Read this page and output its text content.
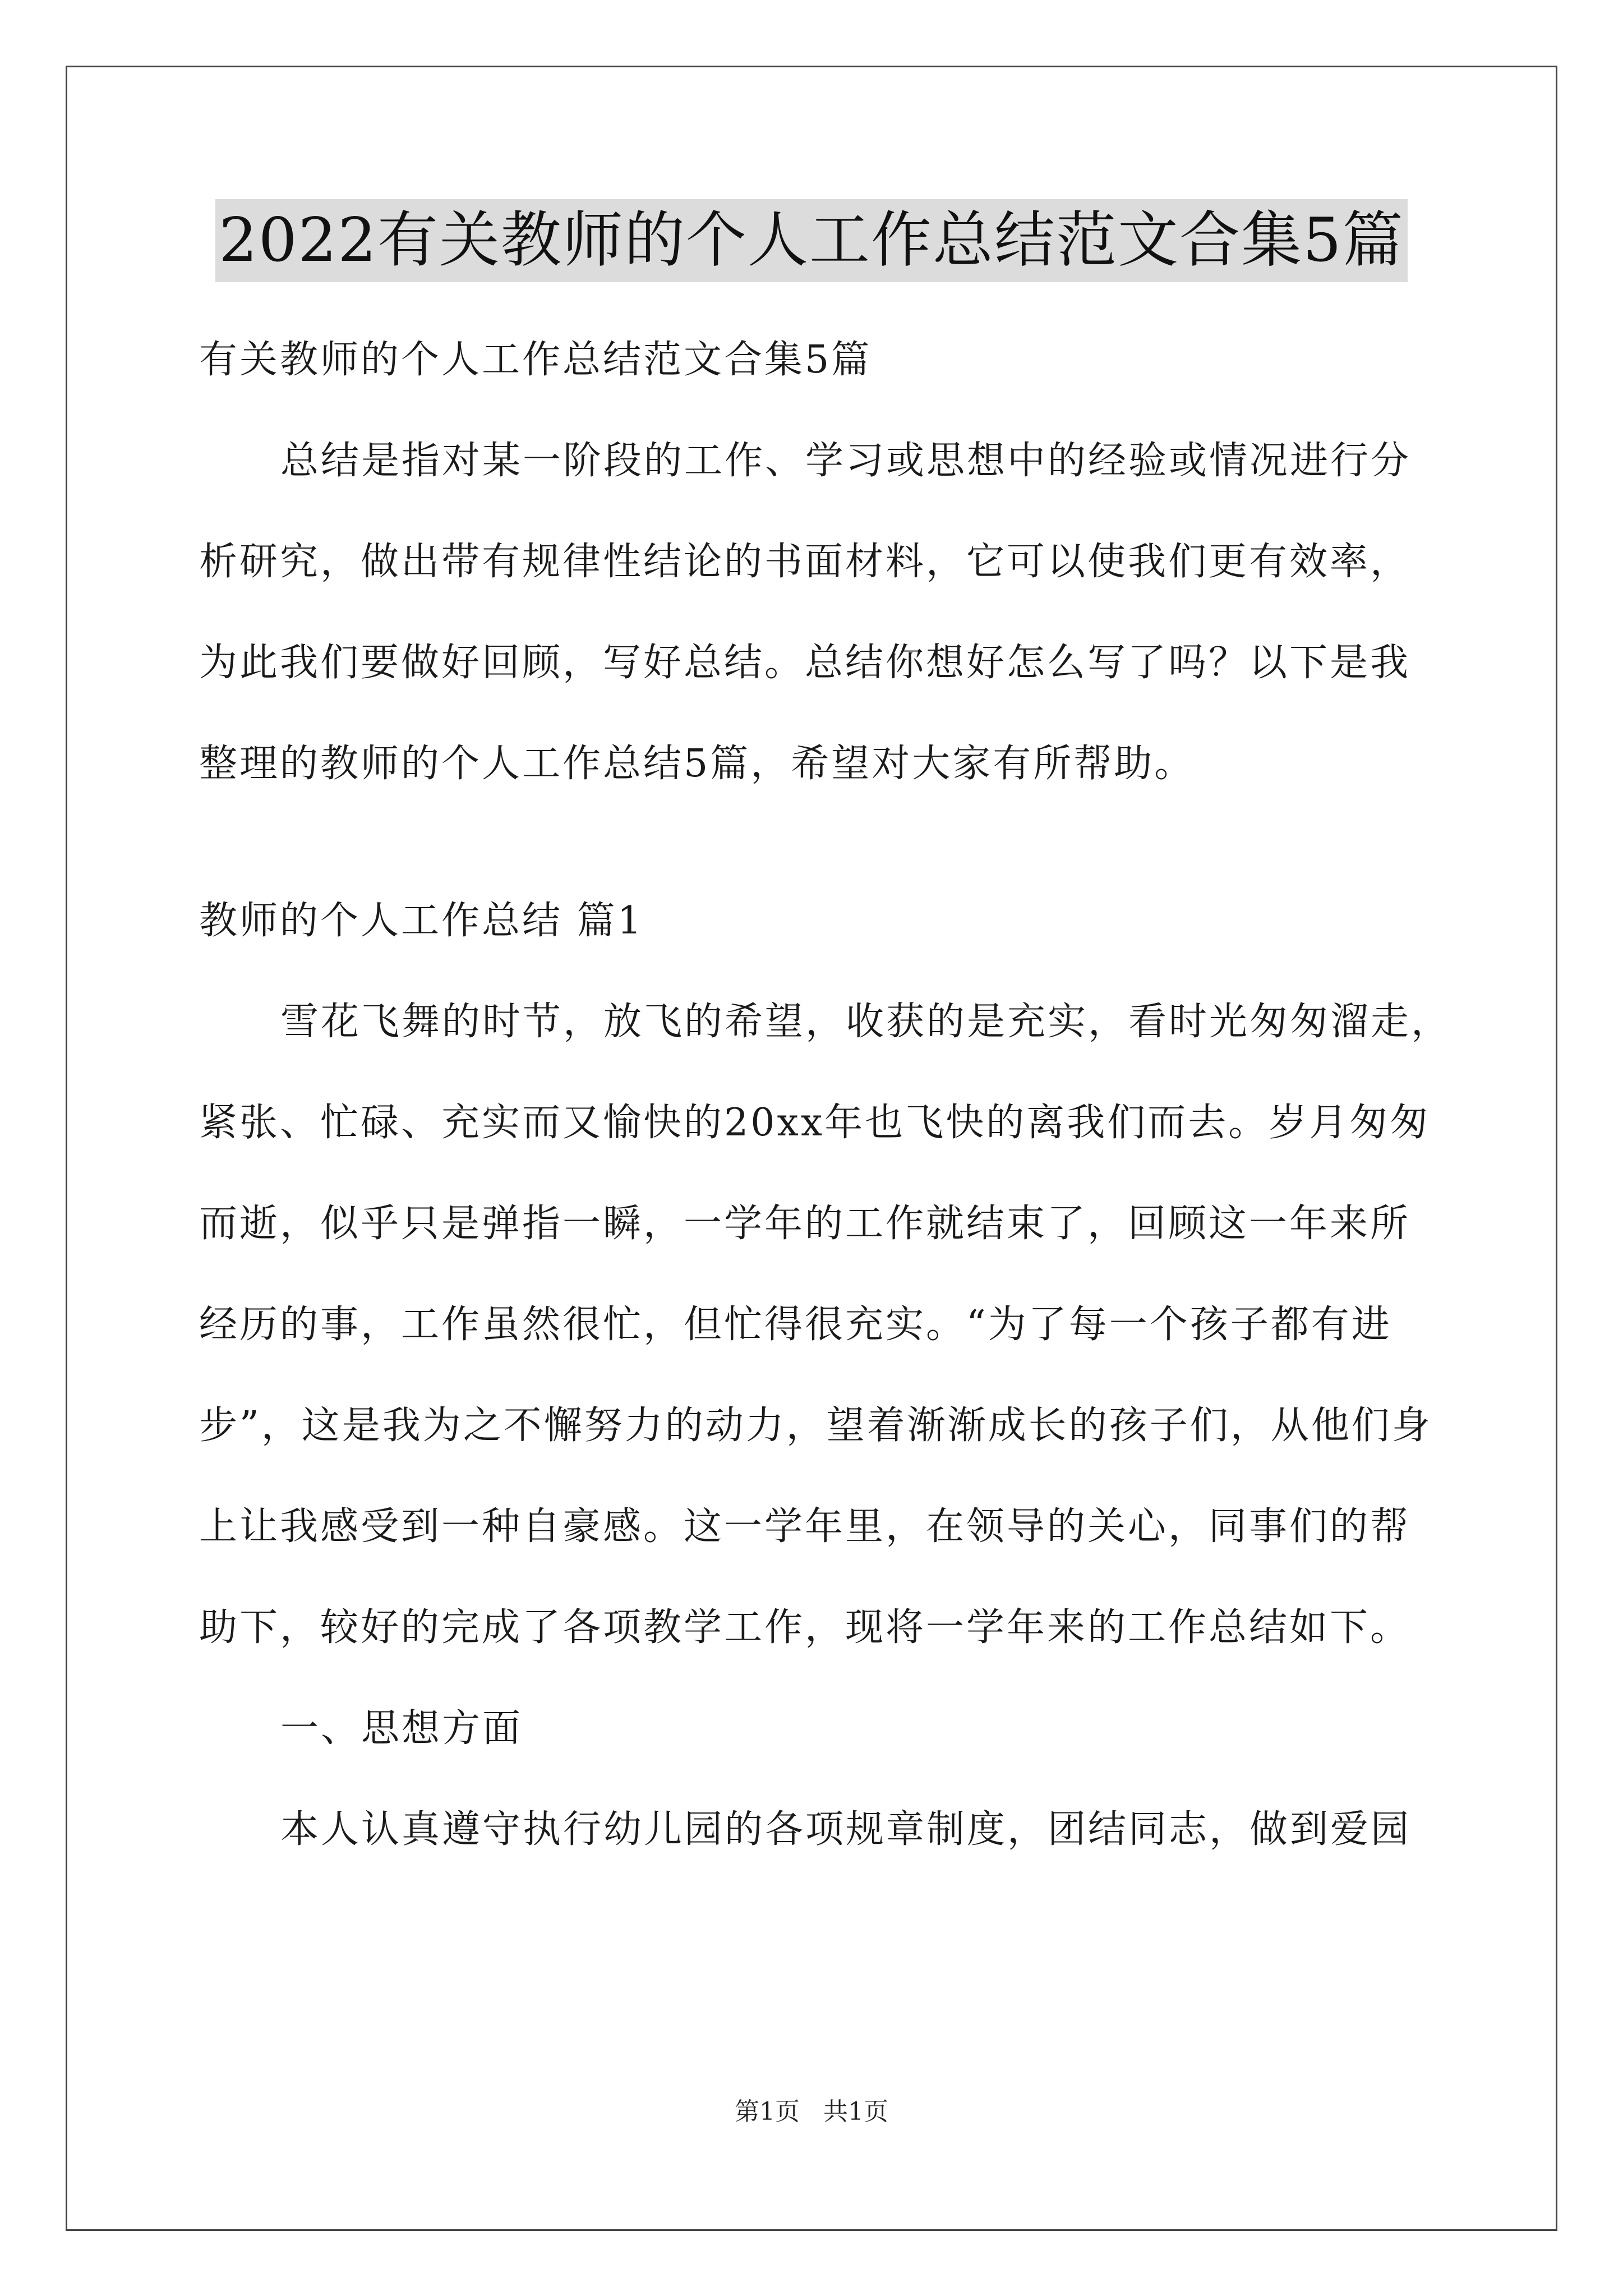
2022有关教师的个人工作总结范文合集5篇
有关教师的个人工作总结范文合集5篇
总结是指对某一阶段的工作、学习或思想中的经验或情况进行分
析研究，做出带有规律性结论的书面材料，它可以使我们更有效率，
为此我们要做好回顾，写好总结。总结你想好怎么写了吗？以下是我
整理的教师的个人工作总结5篇，希望对大家有所帮助。
教师的个人工作总结 篇1
雪花飞舞的时节，放飞的希望，收获的是充实，看时光匆匆溜走，
紧张、忙碌、充实而又愉快的20xx年也飞快的离我们而去。岁月匆匆
而逝，似乎只是弹指一瞬，一学年的工作就结束了，回顾这一年来所
经历的事，工作虽然很忙，但忙得很充实。“为了每一个孩子都有进
步”，这是我为之不懈努力的动力，望着渐渐成长的孩子们，从他们身
上让我感受到一种自豪感。这一学年里，在领导的关心，同事们的帮
助下，较好的完成了各项教学工作，现将一学年来的工作总结如下。
一、思想方面
本人认真遵守执行幼儿园的各项规章制度，团结同志，做到爱园
第1页   共1页
